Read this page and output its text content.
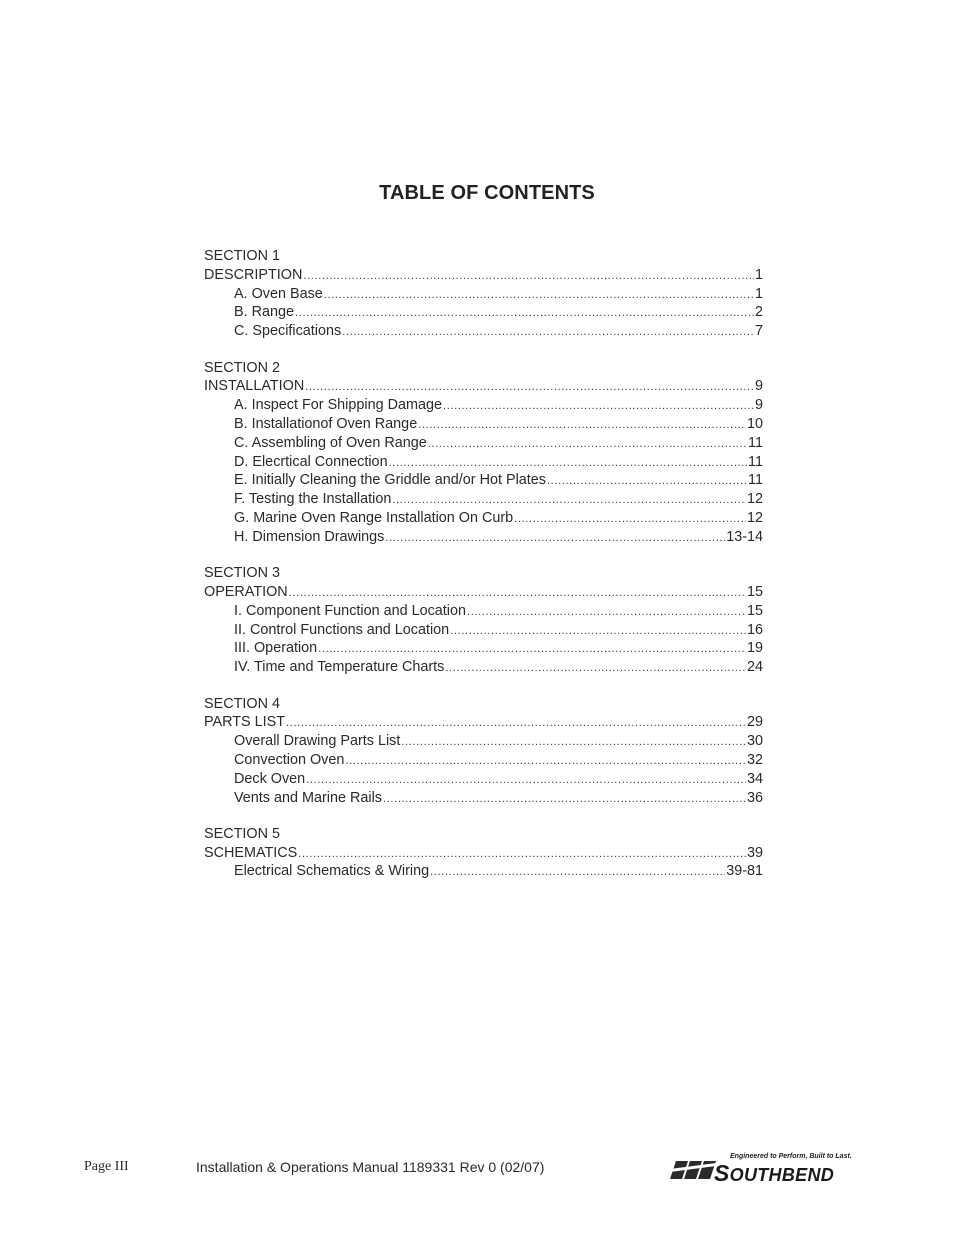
TABLE OF CONTENTS
SECTION 1
DESCRIPTION . . .	1
A. Oven Base . . .	1
B. Range . . .	2
C. Specifications . . .	7
SECTION 2
INSTALLATION . . .	9
A. Inspect For Shipping Damage . . .	9
B. Installationof Oven Range . . .	10
C. Assembling of Oven Range . . .	11
D. Elecrtical Connection . . .	11
E. Initially Cleaning the Griddle and/or Hot Plates . . .	11
F. Testing the Installation . . .	12
G. Marine Oven Range Installation On Curb . . .	12
H. Dimension Drawings . . .	13-14
SECTION 3
OPERATION . . .	15
I. Component Function and Location . . .	15
II. Control Functions and Location . . .	16
III. Operation . . .	19
IV. Time and Temperature Charts . . .	24
SECTION 4
PARTS LIST . . .	29
Overall Drawing Parts List . . .	30
Convection Oven . . .	32
Deck Oven . . .	34
Vents and Marine Rails . . .	36
SECTION 5
SCHEMATICS . . .	39
Electrical Schematics & Wiring . . .	39-81
Page III	Installation & Operations Manual 1189331 Rev 0 (02/07)
Engineered to Perform, Built to Last.
SOUTHBEND
